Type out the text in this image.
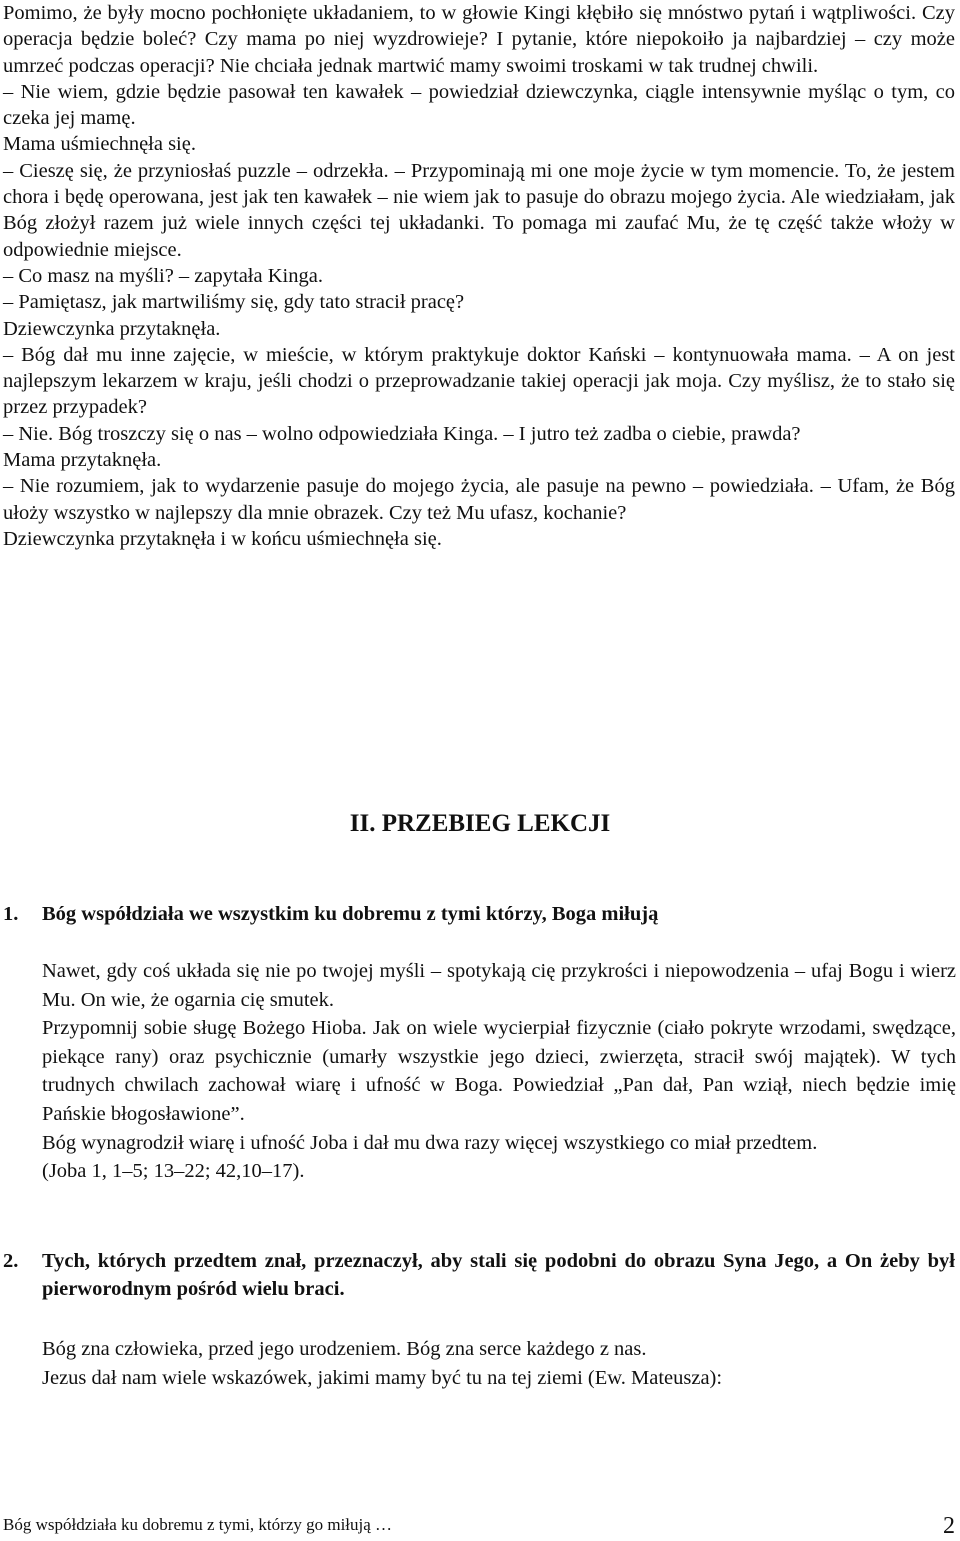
Pomimo, że były mocno pochłonięte układaniem, to w głowie Kingi kłębiło się mnóstwo pytań i wątpliwości. Czy operacja będzie boleć? Czy mama po niej wyzdrowieje? I pytanie, które niepokoiło ja najbardziej – czy może umrzeć podczas operacji? Nie chciała jednak martwić mamy swoimi troskami w tak trudnej chwili.

– Nie wiem, gdzie będzie pasował ten kawałek – powiedział dziewczynka, ciągle intensywnie myśląc o tym, co czeka jej mamę.

Mama uśmiechnęła się.

– Cieszę się, że przyniosłaś puzzle – odrzekła. – Przypominają mi one moje życie w tym momencie. To, że jestem chora i będę operowana, jest jak ten kawałek – nie wiem jak to pasuje do obrazu mojego życia. Ale wiedziałam, jak Bóg złożył razem już wiele innych części tej układanki. To pomaga mi zaufać Mu, że tę część także włoży w odpowiednie miejsce.

– Co masz na myśli? – zapytała Kinga.

– Pamiętasz, jak martwiliśmy się, gdy tato stracił pracę?

Dziewczynka przytaknęła.

– Bóg dał mu inne zajęcie, w mieście, w którym praktykuje doktor Kański – kontynuowała mama. – A on jest najlepszym lekarzem w kraju, jeśli chodzi o przeprowadzanie takiej operacji jak moja. Czy myślisz, że to stało się przez przypadek?

– Nie. Bóg troszczy się o nas – wolno odpowiedziała Kinga. – I jutro też zadba o ciebie, prawda?

Mama przytaknęła.

– Nie rozumiem, jak to wydarzenie pasuje do mojego życia, ale pasuje na pewno – powiedziała. – Ufam, że Bóg ułoży wszystko w najlepszy dla mnie obrazek. Czy też Mu ufasz, kochanie?

Dziewczynka przytaknęła i w końcu uśmiechnęła się.

II. PRZEBIEG LEKCJI
1.	Bóg współdziała we wszystkim ku dobremu z tymi którzy, Boga miłują

Nawet, gdy coś układa się nie po twojej myśli – spotykają cię przykrości i niepowodzenia – ufaj Bogu i wierz Mu. On wie, że ogarnia cię smutek.

Przypomnij sobie sługę Bożego Hioba. Jak on wiele wycierpiał fizycznie (ciało pokryte wrzodami, swędzące, piekące rany) oraz psychicznie (umarły wszystkie jego dzieci, zwierzęta, stracił swój majątek). W tych trudnych chwilach zachował wiarę i ufność w Boga. Powiedział „Pan dał, Pan wziął, niech będzie imię Pańskie błogosławione”.

Bóg wynagrodził wiarę i ufność Joba i dał mu dwa razy więcej wszystkiego co miał przedtem.

(Joba 1, 1–5; 13–22; 42,10–17).

2.	Tych, których przedtem znał, przeznaczył, aby stali się podobni do obrazu Syna Jego, a On żeby był pierworodnym pośród wielu braci.

Bóg zna człowieka, przed jego urodzeniem. Bóg zna serce każdego z nas.

Jezus dał nam wiele wskazówek, jakimi mamy być tu na tej ziemi (Ew. Mateusza):

Bóg współdziała ku dobremu z tymi, którzy go miłują …	2
